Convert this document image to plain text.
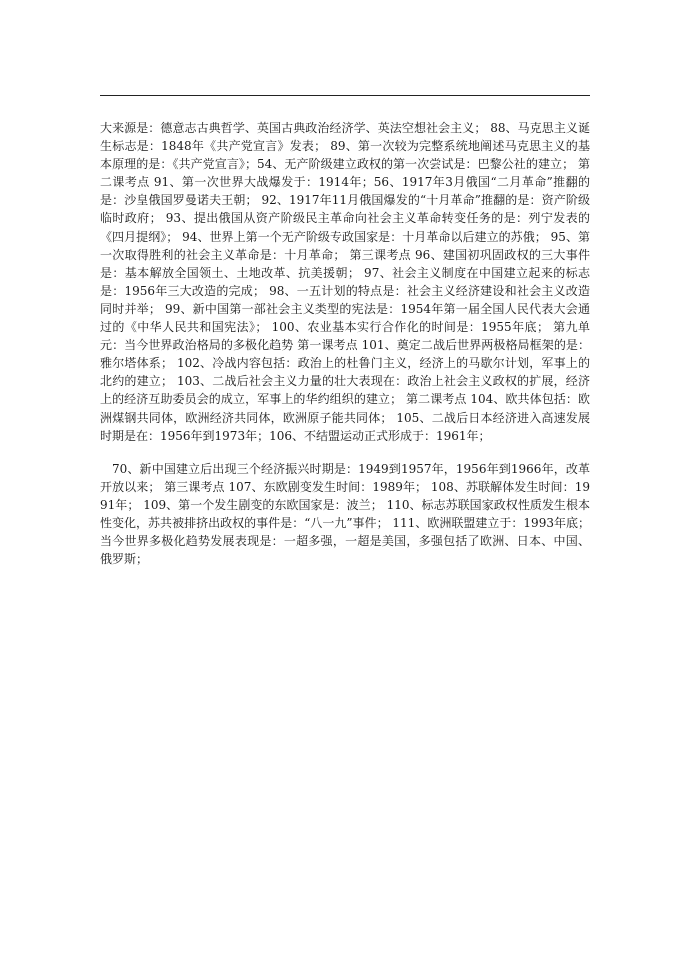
大来源是：德意志古典哲学、英国古典政治经济学、英法空想社会主义； 88、马克思主义诞生标志是：1848年《共产党宣言》发表； 89、第一次较为完整系统地阐述马克思主义的基本原理的是：《共产党宣言》；54、无产阶级建立政权的第一次尝试是：巴黎公社的建立； 第二课考点 91、第一次世界大战爆发于：1914年；56、1917年3月俄国“二月革命”推翻的是：沙皇俄国罗曼诺夫王朝； 92、1917年11月俄国爆发的“十月革命”推翻的是：资产阶级临时政府； 93、提出俄国从资产阶级民主革命向社会主义革命转变任务的是：列宁发表的《四月提纲》； 94、世界上第一个无产阶级专政国家是：十月革命以后建立的苏俄； 95、第一次取得胜利的社会主义革命是：十月革命； 第三课考点 96、建国初巩固政权的三大事件是：基本解放全国领土、土地改革、抗美援朝； 97、社会主义制度在中国建立起来的标志是：1956年三大改造的完成； 98、一五计划的特点是：社会主义经济建设和社会主义改造同时并举； 99、新中国第一部社会主义类型的宪法是：1954年第一届全国人民代表大会通过的《中华人民共和国宪法》； 100、农业基本实行合作化的时间是：1955年底； 第九单元：当今世界政治格局的多极化趋势 第一课考点 101、奠定二战后世界两极格局框架的是：雅尔塔体系； 102、冷战内容包括：政治上的杜鲁门主义，经济上的马歇尔计划，军事上的北约的建立； 103、二战后社会主义力量的壮大表现在：政治上社会主义政权的扩展，经济上的经济互助委员会的成立，军事上的华约组织的建立； 第二课考点 104、欧共体包括：欧洲煤钢共同体，欧洲经济共同体，欧洲原子能共同体； 105、二战后日本经济进入高速发展时期是在：1956年到1973年；106、不结盟运动正式形成于：1961年；

70、新中国建立后出现三个经济振兴时期是：1949到1957年，1956年到1966年，改革开放以来； 第三课考点 107、东欧剧变发生时间：1989年； 108、苏联解体发生时间：1991年； 109、第一个发生剧变的东欧国家是：波兰； 110、标志苏联国家政权性质发生根本性变化，苏共被排挤出政权的事件是：“八一九”事件； 111、欧洲联盟建立于：1993年底；当今世界多极化趋势发展表现是：一超多强，一超是美国，多强包括了欧洲、日本、中国、俄罗斯；
